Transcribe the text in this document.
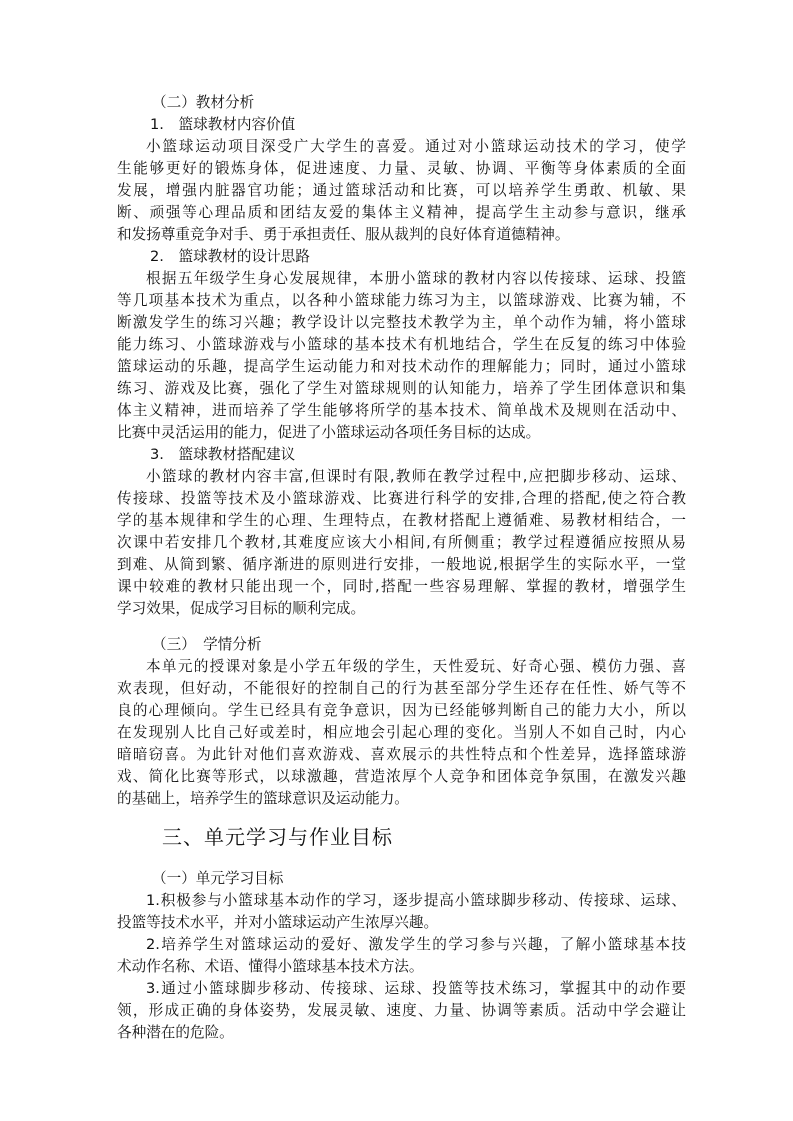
（二）教材分析
1.　篮球教材内容价值
小篮球运动项目深受广大学生的喜爱。通过对小篮球运动技术的学习，使学
生能够更好的锻炼身体，促进速度、力量、灵敏、协调、平衡等身体素质的全面
发展，增强内脏器官功能；通过篮球活动和比赛，可以培养学生勇敢、机敏、果
断、顽强等心理品质和团结友爱的集体主义精神，提高学生主动参与意识，继承
和发扬尊重竞争对手、勇于承担责任、服从裁判的良好体育道德精神。
2.　篮球教材的设计思路
根据五年级学生身心发展规律，本册小篮球的教材内容以传接球、运球、投篮
等几项基本技术为重点，以各种小篮球能力练习为主，以篮球游戏、比赛为辅，不
断激发学生的练习兴趣；教学设计以完整技术教学为主，单个动作为辅，将小篮球
能力练习、小篮球游戏与小篮球的基本技术有机地结合，学生在反复的练习中体验
篮球运动的乐趣，提高学生运动能力和对技术动作的理解能力；同时，通过小篮球
练习、游戏及比赛，强化了学生对篮球规则的认知能力，培养了学生团体意识和集
体主义精神，进而培养了学生能够将所学的基本技术、简单战术及规则在活动中、
比赛中灵活运用的能力，促进了小篮球运动各项任务目标的达成。
3.　篮球教材搭配建议
小篮球的教材内容丰富,但课时有限,教师在教学过程中,应把脚步移动、运球、
传接球、投篮等技术及小篮球游戏、比赛进行科学的安排,合理的搭配,使之符合教
学的基本规律和学生的心理、生理特点，在教材搭配上遵循难、易教材相结合，一
次课中若安排几个教材,其难度应该大小相间,有所侧重；教学过程遵循应按照从易
到难、从简到繁、循序渐进的原则进行安排，一般地说,根据学生的实际水平，一堂
课中较难的教材只能出现一个，同时,搭配一些容易理解、掌握的教材，增强学生
学习效果，促成学习目标的顺利完成。
（三）　学情分析
本单元的授课对象是小学五年级的学生，天性爱玩、好奇心强、模仿力强、喜
欢表现，但好动，不能很好的控制自己的行为甚至部分学生还存在任性、娇气等不
良的心理倾向。学生已经具有竞争意识，因为已经能够判断自己的能力大小，所以
在发现别人比自己好或差时，相应地会引起心理的变化。当别人不如自己时，内心
暗暗窃喜。为此针对他们喜欢游戏、喜欢展示的共性特点和个性差异，选择篮球游
戏、简化比赛等形式，以球激趣，营造浓厚个人竞争和团体竞争氛围，在激发兴趣
的基础上，培养学生的篮球意识及运动能力。
三、单元学习与作业目标
（一）单元学习目标
1.积极参与小篮球基本动作的学习，逐步提高小篮球脚步移动、传接球、运球、
投篮等技术水平，并对小篮球运动产生浓厚兴趣。
2.培养学生对篮球运动的爱好、激发学生的学习参与兴趣，了解小篮球基本技
术动作名称、术语、懂得小篮球基本技术方法。
3.通过小篮球脚步移动、传接球、运球、投篮等技术练习，掌握其中的动作要
领，形成正确的身体姿势，发展灵敏、速度、力量、协调等素质。活动中学会避让
各种潜在的危险。
